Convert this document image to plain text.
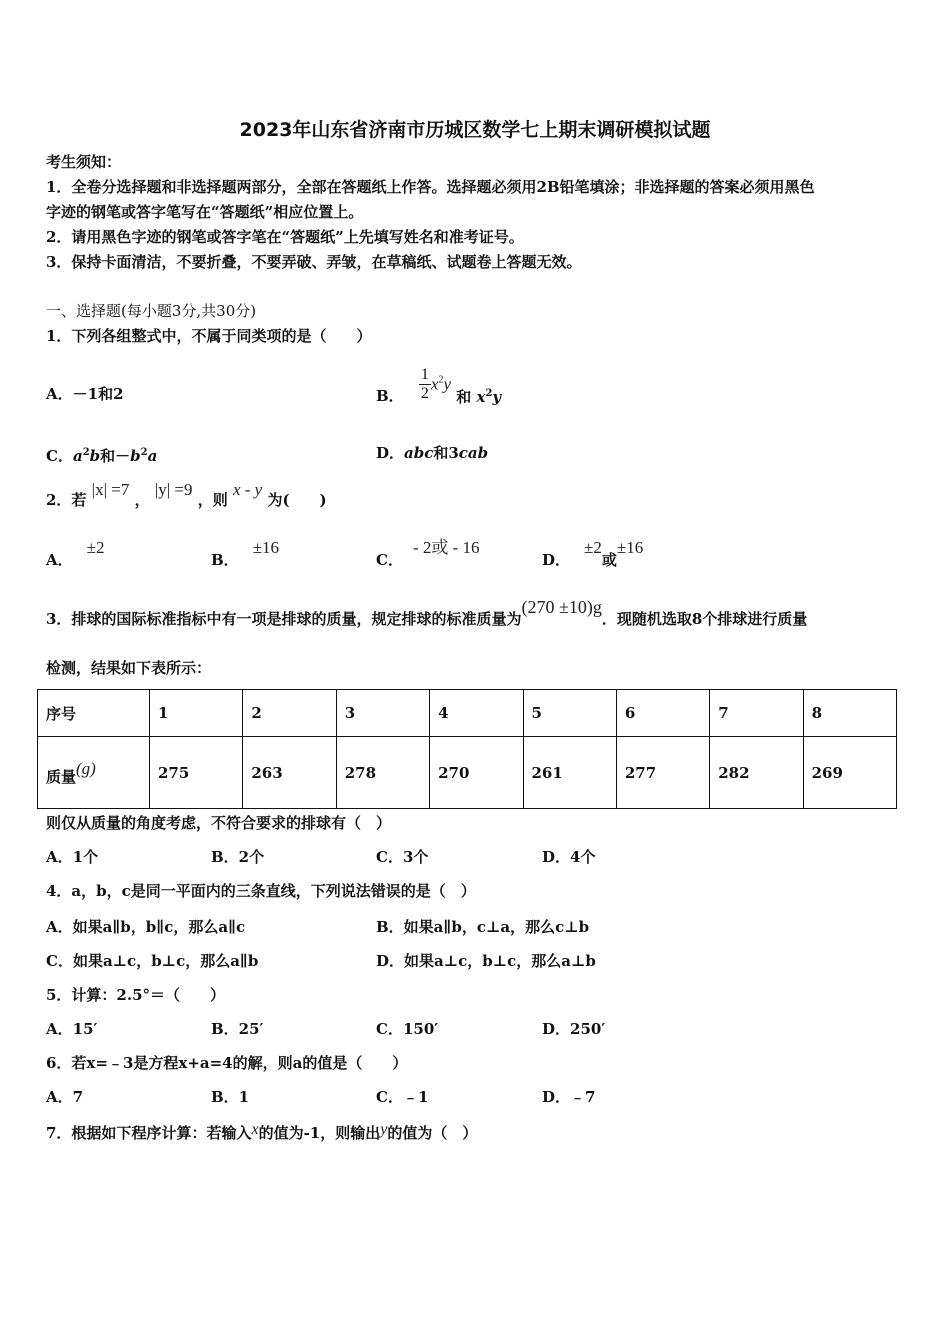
2023年山东省济南市历城区数学七上期末调研模拟试题
考生须知：
1．全卷分选择题和非选择题两部分，全部在答题纸上作答。选择题必须用2B铅笔填涂；非选择题的答案必须用黑色
字迹的钢笔或答字笔写在“答题纸”相应位置上。
2．请用黑色字迹的钢笔或答字笔在“答题纸”上先填写姓名和准考证号。
3．保持卡面清洁，不要折叠，不要弄破、弄皱，在草稿纸、试题卷上答题无效。
一、选择题(每小题3分,共30分)
1．下列各组整式中，不属于同类项的是（　　）
A．－1和2	B． $\frac{1}{2} x^2y$ 和 $x^2y$
C．$a^2b$和$-b^2a$	D．abc和3cab
2．若 |x| =7 ， |y| =9 ，则 x - y 为(　　)
A．±2
B．±16
C．- 2或 - 16
D．±2或±16
3．排球的国际标准指标中有一项是排球的质量，规定排球的标准质量为(270 ±10)g．现随机选取8个排球进行质量
检测，结果如下表所示：
序号	1	2	3	4	5	6	7	8
质量(g)	275	263	278	270	261	277	282	269
则仅从质量的角度考虑，不符合要求的排球有（　）
A．1个	B．2个	C．3个	D．4个
4．a，b，c是同一平面内的三条直线，下列说法错误的是（　）
A．如果a∥b，b∥c，那么a∥c	B．如果a∥b，c⊥a，那么c⊥b
C．如果a⊥c，b⊥c，那么a∥b	D．如果a⊥c，b⊥c，那么a⊥b
5．计算：2.5°＝（　　）
A．15′	B．25′	C．150′	D．250′
6．若x=﹣3是方程x+a=4的解，则a的值是（　　）
A．7	B．1	C．﹣1	D．﹣7
7．根据如下程序计算：若输入x的值为-1，则输出y的值为（　）
